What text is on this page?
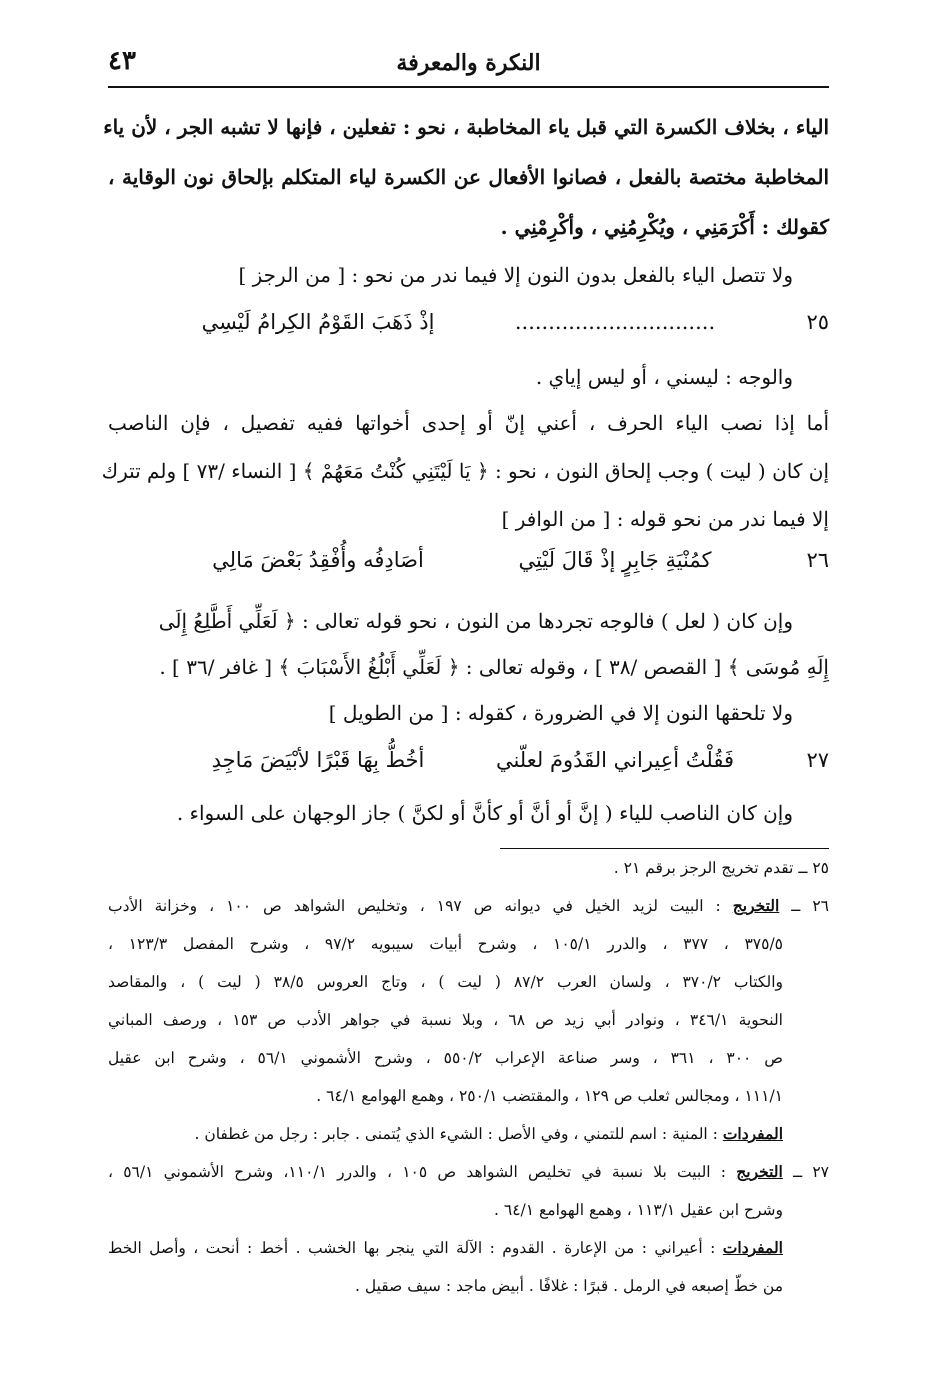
٤٣	النكرة والمعرفة
الياء ، بخلاف الكسرة التي قبل ياء المخاطبة ، نحو : تفعلين ، فإنها لا تشبه الجر ، لأن ياء
المخاطبة مختصة بالفعل ، فصانوا الأفعال عن الكسرة لياء المتكلم بإلحاق نون الوقاية ،
كقولك : أَكْرَمَنِي ، ويُكْرِمُنِي ، وأكْرِمْنِي .
ولا تتصل الياء بالفعل بدون النون إلا فيما ندر من نحو : [ من الرجز ]
٢٥
..............................
إذْ ذَهَبَ القَوْمُ الكِرامُ لَيْسِي
والوجه : ليسني ، أو ليس إياي .
أما إذا نصب الياء الحرف ، أعني إنّ أو إحدى أخواتها ففيه تفصيل ، فإن الناصب
إن كان ( ليت ) وجب إلحاق النون ، نحو : ﴿ يَا لَيْتَنِي كُنْتُ مَعَهُمْ ﴾ [ النساء /٧٣ ] ولم تترك
إلا فيما ندر من نحو قوله : [ من الوافر ]
٢٦
كمُنْيَةِ جَابِرٍ إذْ قَالَ لَيْتِي
أصَادِفُه وأُفْقِدُ بَعْضَ مَالِي
وإن كان ( لعل ) فالوجه تجردها من النون ، نحو قوله تعالى : ﴿ لَعَلِّي أَطَّلِعُ إِلَى
إِلَهِ مُوسَى ﴾ [ القصص /٣٨ ] ، وقوله تعالى : ﴿ لَعَلِّي أَبْلُغُ الأَسْبَابَ ﴾ [ غافر /٣٦ ] .
ولا تلحقها النون إلا في الضرورة ، كقوله : [ من الطويل ]
٢٧
فَقُلْتُ أعِيراني القَدُومَ لعلّني
أخُطُّ بِهَا قَبْرًا لأبْيَضَ مَاجِدِ
وإن كان الناصب للياء ( إنَّ أو أنَّ أو كأنَّ أو لكنَّ ) جاز الوجهان على السواء .
٢٥ ــ تقدم تخريج الرجز برقم ٢١ .
٢٦ ــ التخريج : البيت لزيد الخيل في ديوانه ص ١٩٧ ، وتخليص الشواهد ص ١٠٠ ، وخزانة الأدب
٣٧٥/٥ ، ٣٧٧ ، والدرر ١٠٥/١ ، وشرح أبيات سيبويه ٩٧/٢ ، وشرح المفصل ١٢٣/٣ ،
والكتاب ٣٧٠/٢ ، ولسان العرب ٨٧/٢ ( ليت ) ، وتاج العروس ٣٨/٥ ( ليت ) ، والمقاصد
النحوية ٣٤٦/١ ، ونوادر أبي زيد ص ٦٨ ، وبلا نسبة في جواهر الأدب ص ١٥٣ ، ورصف المباني
ص ٣٠٠ ، ٣٦١ ، وسر صناعة الإعراب ٥٥٠/٢ ، وشرح الأشموني ٥٦/١ ، وشرح ابن عقيل
١١١/١ ، ومجالس ثعلب ص ١٢٩ ، والمقتضب ٢٥٠/١ ، وهمع الهوامع ٦٤/١ .
المفردات : المنية : اسم للتمني ، وفي الأصل : الشيء الذي يُتمنى . جابر : رجل من غطفان .
٢٧ ــ التخريج : البيت بلا نسبة في تخليص الشواهد ص ١٠٥ ، والدرر ١١٠/١، وشرح الأشموني ٥٦/١ ،
وشرح ابن عقيل ١١٣/١ ، وهمع الهوامع ٦٤/١ .
المفردات : أعيراني : من الإعارة . القدوم : الآلة التي ينجر بها الخشب . أخط : أنحت ، وأصل الخط
من خطّ إصبعه في الرمل . قبرًا : غلافًا . أبيض ماجد : سيف صقيل .
